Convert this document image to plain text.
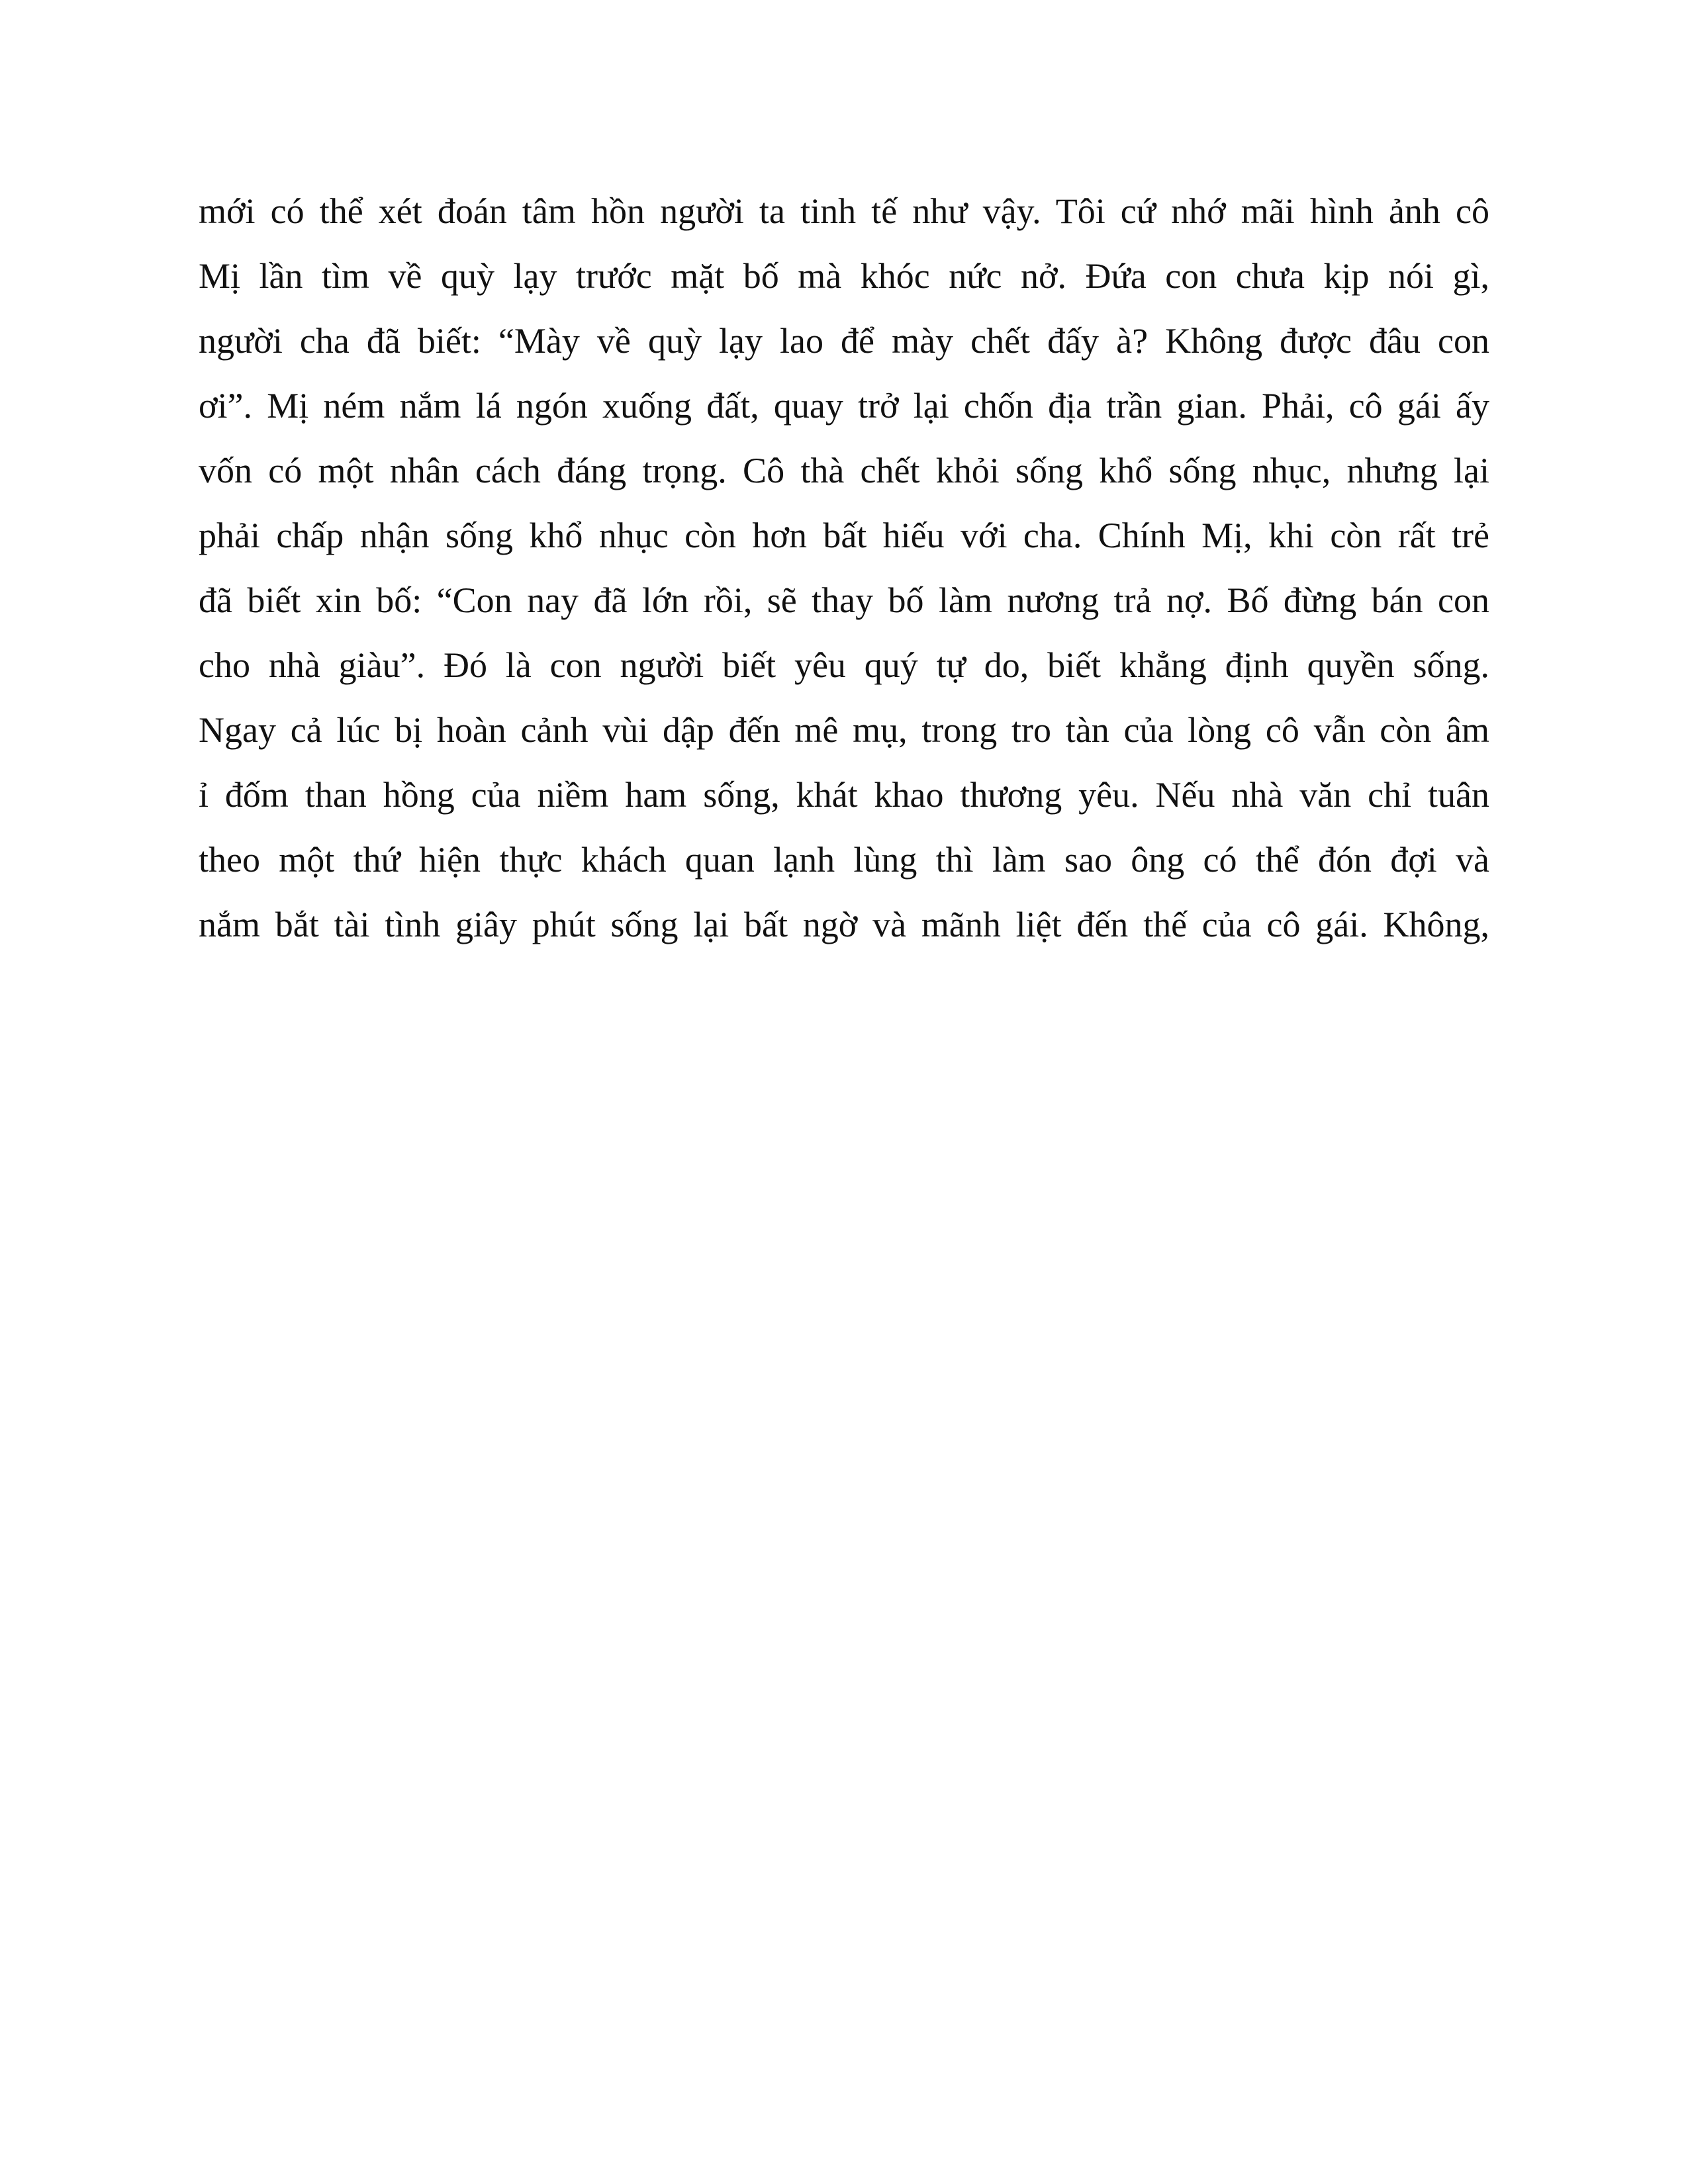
mới có thể xét đoán tâm hồn người ta tinh tế như vậy. Tôi cứ nhớ mãi hình ảnh cô
Mị lần tìm về quỳ lạy trước mặt bố mà khóc nức nở. Đứa con chưa kịp nói gì,
người cha đã biết: “Mày về quỳ lạy lao để mày chết đấy à? Không được đâu con
ơi”. Mị ném nắm lá ngón xuống đất, quay trở lại chốn địa trần gian. Phải, cô gái ấy
vốn có một nhân cách đáng trọng. Cô thà chết khỏi sống khổ sống nhục, nhưng lại
phải chấp nhận sống khổ nhục còn hơn bất hiếu với cha. Chính Mị, khi còn rất trẻ
đã biết xin bố: “Con nay đã lớn rồi, sẽ thay bố làm nương trả nợ. Bố đừng bán con
cho nhà giàu”. Đó là con người biết yêu quý tự do, biết khẳng định quyền sống.
Ngay cả lúc bị hoàn cảnh vùi dập đến mê mụ, trong tro tàn của lòng cô vẫn còn âm
ỉ đốm than hồng của niềm ham sống, khát khao thương yêu. Nếu nhà văn chỉ tuân
theo một thứ hiện thực khách quan lạnh lùng thì làm sao ông có thể đón đợi và
nắm bắt tài tình giây phút sống lại bất ngờ và mãnh liệt đến thế của cô gái. Không,
